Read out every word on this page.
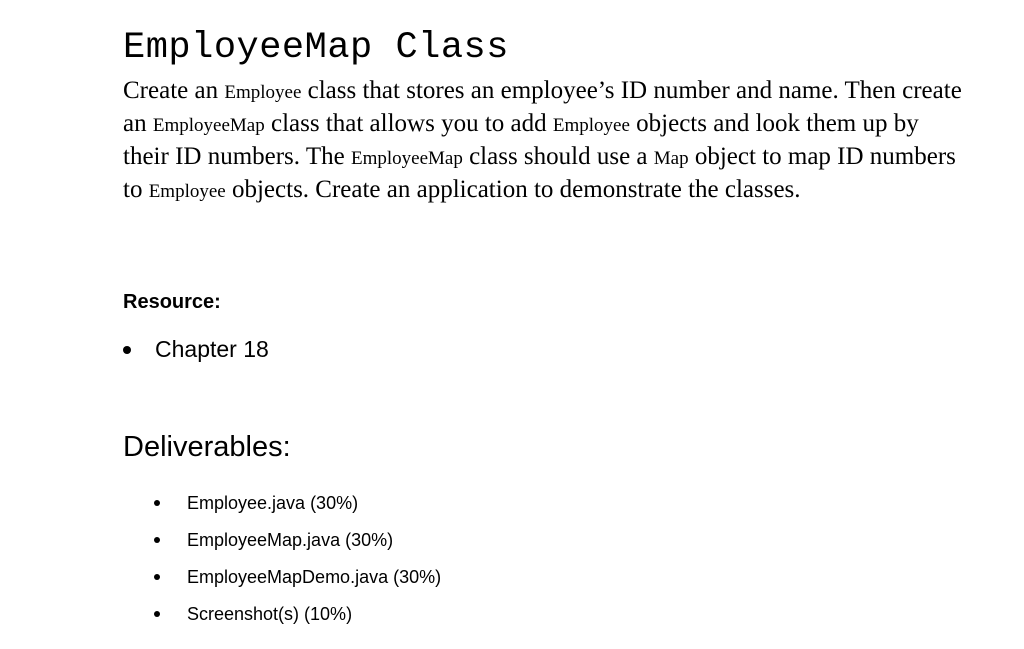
EmployeeMap Class

Create an Employee class that stores an employee’s ID number and name. Then create an EmployeeMap class that allows you to add Employee objects and look them up by their ID numbers. The EmployeeMap class should use a Map object to map ID numbers to Employee objects. Create an application to demonstrate the classes.

Resource:
Chapter 18
Deliverables:
Employee.java (30%)
EmployeeMap.java (30%)
EmployeeMapDemo.java (30%)
Screenshot(s) (10%)
